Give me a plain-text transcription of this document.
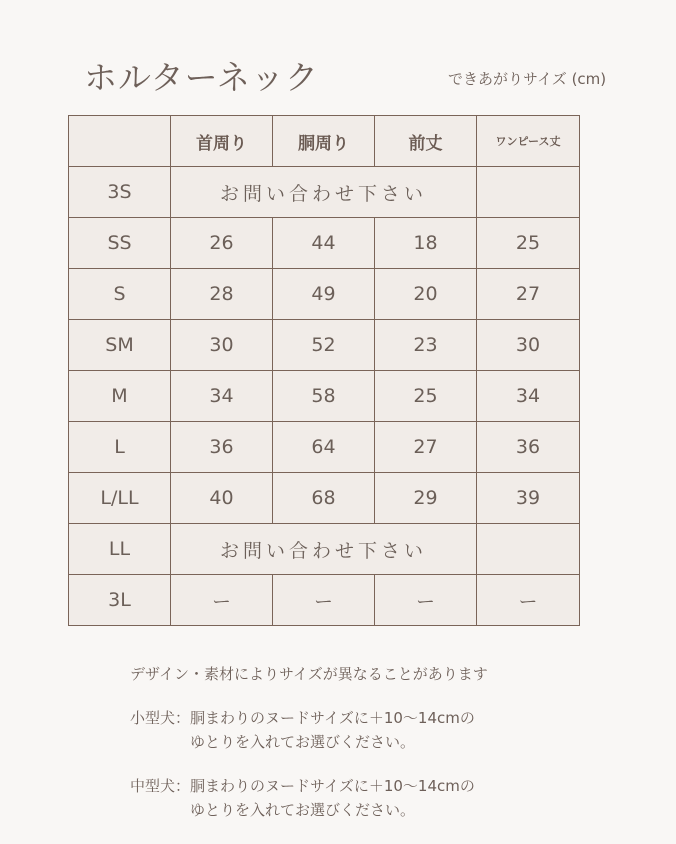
ホルターネック	できあがりサイズ (cm)
	首周り	胴周り	前丈	ワンピース丈
3S	お問い合わせ下さい			
SS	26	44	18	25
S	28	49	20	27
SM	30	52	23	30
M	34	58	25	34
L	36	64	27	36
L/LL	40	68	29	39
LL	お問い合わせ下さい			
3L	ー	ー	ー	ー
デザイン・素材によりサイズが異なることがあります
小型犬： 胴まわりのヌードサイズに＋10〜14cmの
ゆとりを入れてお選びください。
中型犬： 胴まわりのヌードサイズに＋10〜14cmの
ゆとりを入れてお選びください。
